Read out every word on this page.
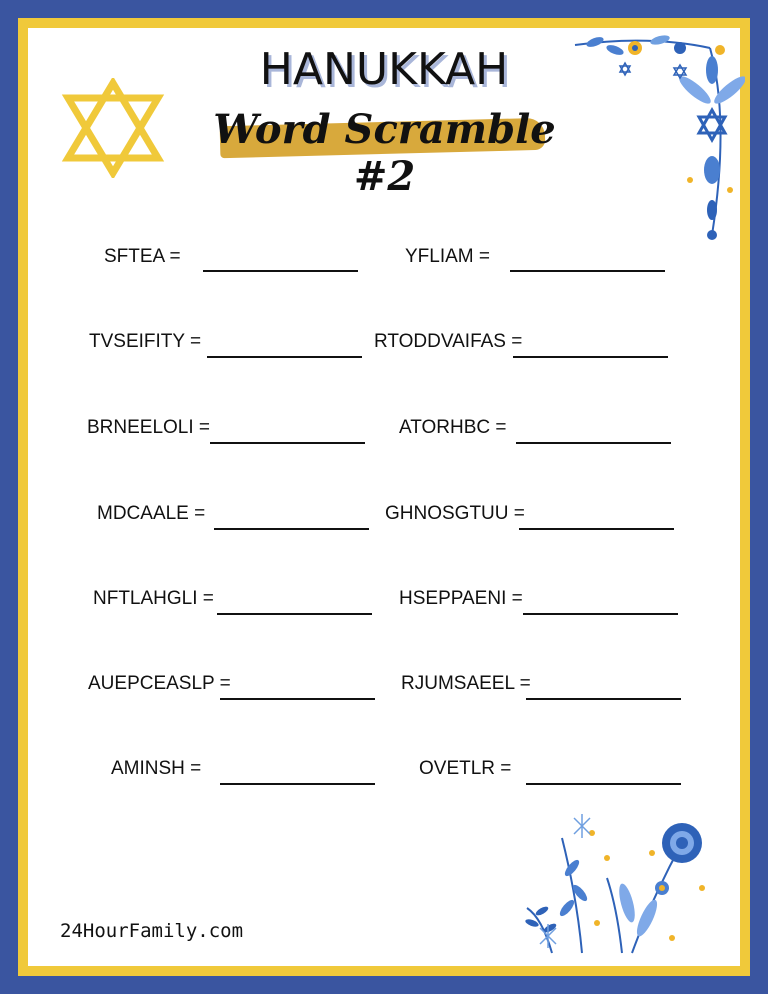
HANUKKAH
Word Scramble #2
SFTEA =	YFLIAM =
TVSEIFITY =	RTODDVAIFAS =
BRNEELOLI =	ATORHBC =
MDCAALE =	GHNOSGTUU =
NFTLAHGLI =	HSEPPAENI =
AUEPCEASLP =	RJUMSAEEL =
AMINSH =	OVETLR =
24HourFamily.com
